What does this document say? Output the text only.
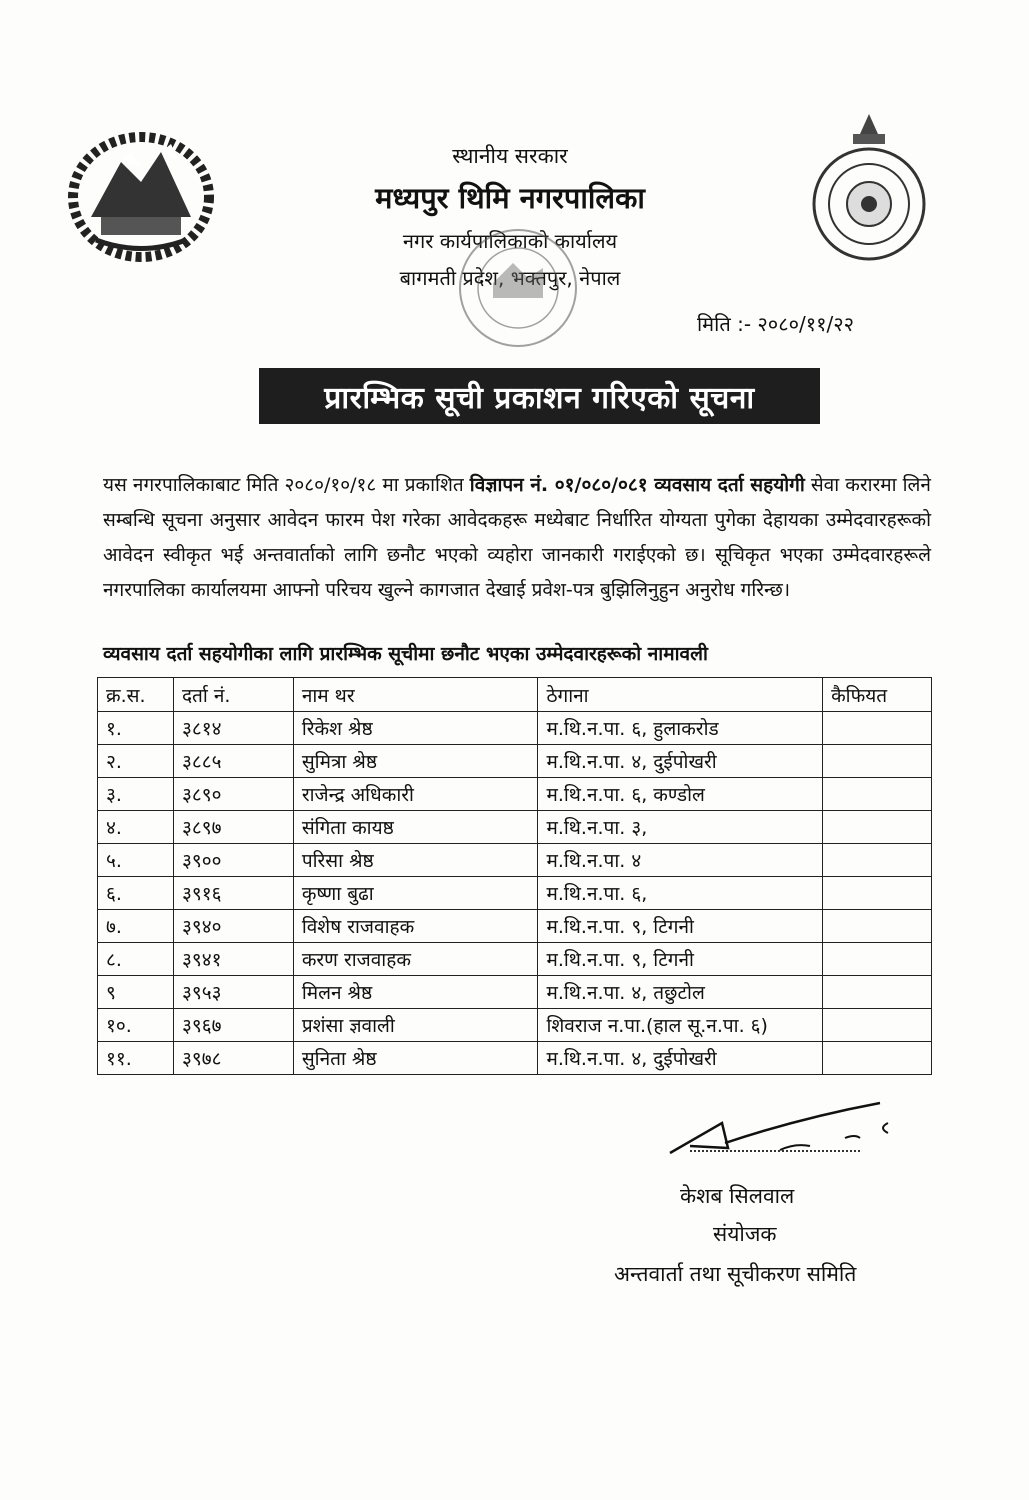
स्थानीय सरकार
मध्यपुर थिमि नगरपालिका
नगर कार्यपालिकाको कार्यालय
बागमती प्रदेश, भक्तपुर, नेपाल
मिति :- २०८०/११/२२
प्रारम्भिक सूची प्रकाशन गरिएको सूचना
यस नगरपालिकाबाट मिति २०८०/१०/१८ मा प्रकाशित विज्ञापन नं. ०१/०८०/०८१ व्यवसाय दर्ता सहयोगी सेवा करारमा लिने सम्बन्धि सूचना अनुसार आवेदन फारम पेश गरेका आवेदकहरू मध्येबाट निर्धारित योग्यता पुगेका देहायका उम्मेदवारहरूको आवेदन स्वीकृत भई अन्तवार्ताको लागि छनौट भएको व्यहोरा जानकारी गराईएको छ। सूचिकृत भएका उम्मेदवारहरूले नगरपालिका कार्यालयमा आफ्नो परिचय खुल्ने कागजात देखाई प्रवेश-पत्र बुझिलिनुहुन अनुरोध गरिन्छ।
व्यवसाय दर्ता सहयोगीका लागि प्रारम्भिक सूचीमा छनौट भएका उम्मेदवारहरूको नामावली
क्र.स.	दर्ता नं.	नाम थर	ठेगाना	कैफियत
१.	३८१४	रिकेश श्रेष्ठ	म.थि.न.पा. ६, हुलाकरोड	
२.	३८८५	सुमित्रा श्रेष्ठ	म.थि.न.पा. ४, दुईपोखरी	
३.	३८९०	राजेन्द्र अधिकारी	म.थि.न.पा. ६, कण्डोल	
४.	३८९७	संगिता कायष्ठ	म.थि.न.पा. ३,	
५.	३९००	परिसा श्रेष्ठ	म.थि.न.पा. ४	
६.	३९१६	कृष्णा बुढा	म.थि.न.पा. ६,	
७.	३९४०	विशेष राजवाहक	म.थि.न.पा. ९, टिगनी	
८.	३९४१	करण राजवाहक	म.थि.न.पा. ९, टिगनी	
९	३९५३	मिलन श्रेष्ठ	म.थि.न.पा. ४, तछुटोल	
१०.	३९६७	प्रशंसा ज्ञवाली	शिवराज न.पा.(हाल सू.न.पा. ६)	
११.	३९७८	सुनिता श्रेष्ठ	म.थि.न.पा. ४, दुईपोखरी	
केशब सिलवाल
संयोजक
अन्तवार्ता तथा सूचीकरण समिति
